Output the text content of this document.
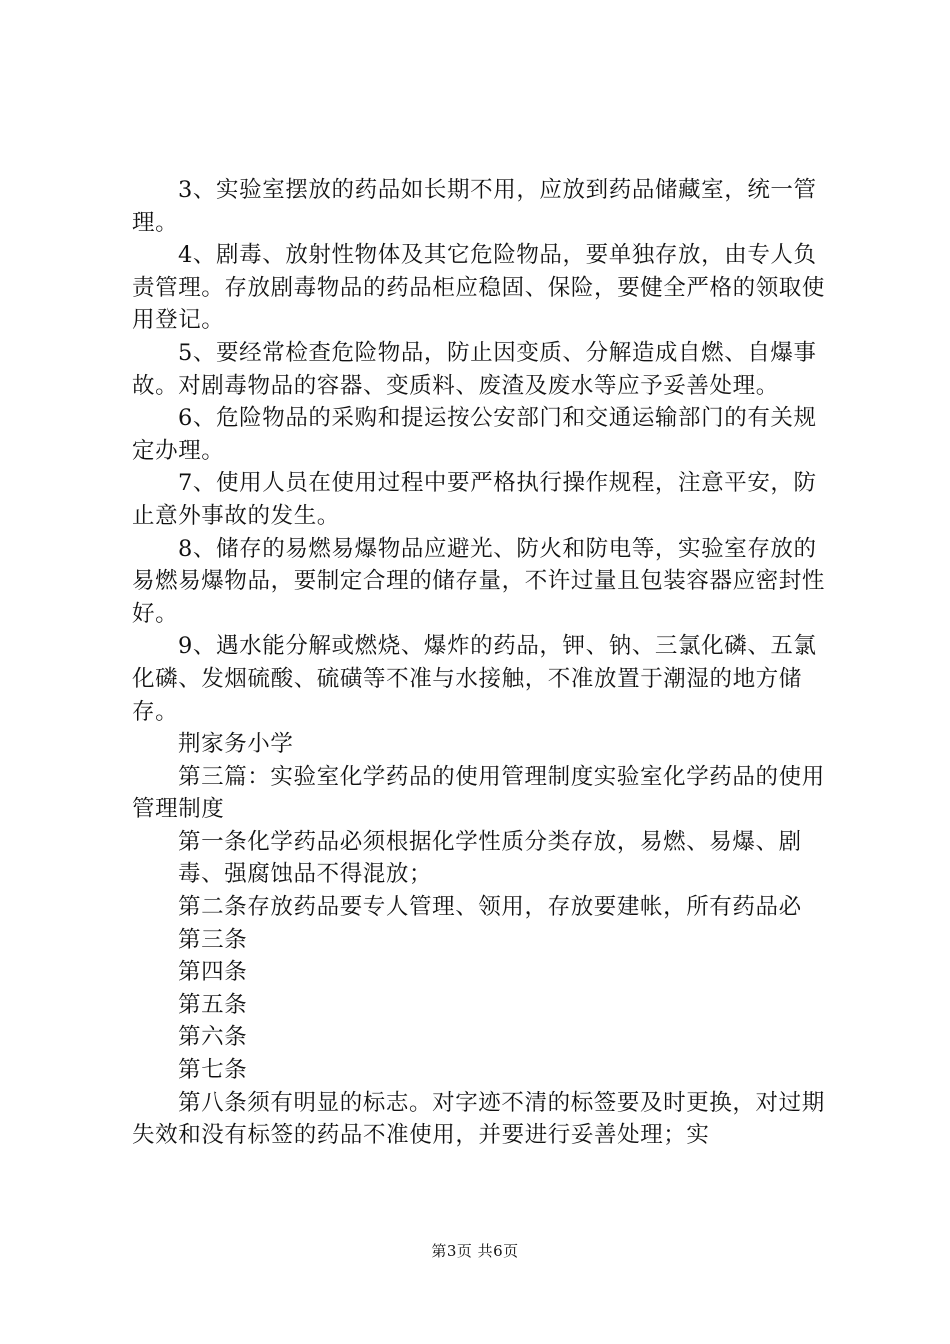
3、实验室摆放的药品如长期不用，应放到药品储藏室，统一管理。

4、剧毒、放射性物体及其它危险物品，要单独存放，由专人负责管理。存放剧毒物品的药品柜应稳固、保险，要健全严格的领取使用登记。

5、要经常检查危险物品，防止因变质、分解造成自燃、自爆事故。对剧毒物品的容器、变质料、废渣及废水等应予妥善处理。

6、危险物品的采购和提运按公安部门和交通运输部门的有关规定办理。

7、使用人员在使用过程中要严格执行操作规程，注意平安，防止意外事故的发生。

8、储存的易燃易爆物品应避光、防火和防电等，实验室存放的易燃易爆物品，要制定合理的储存量，不许过量且包装容器应密封性好。

9、遇水能分解或燃烧、爆炸的药品，钾、钠、三氯化磷、五氯化磷、发烟硫酸、硫磺等不准与水接触，不准放置于潮湿的地方储存。

荆家务小学

第三篇：实验室化学药品的使用管理制度实验室化学药品的使用管理制度

第一条化学药品必须根据化学性质分类存放，易燃、易爆、剧

毒、强腐蚀品不得混放；

第二条存放药品要专人管理、领用，存放要建帐，所有药品必

第三条

第四条

第五条

第六条

第七条

第八条须有明显的标志。对字迹不清的标签要及时更换，对过期失效和没有标签的药品不准使用，并要进行妥善处理；实

第3页 共6页
